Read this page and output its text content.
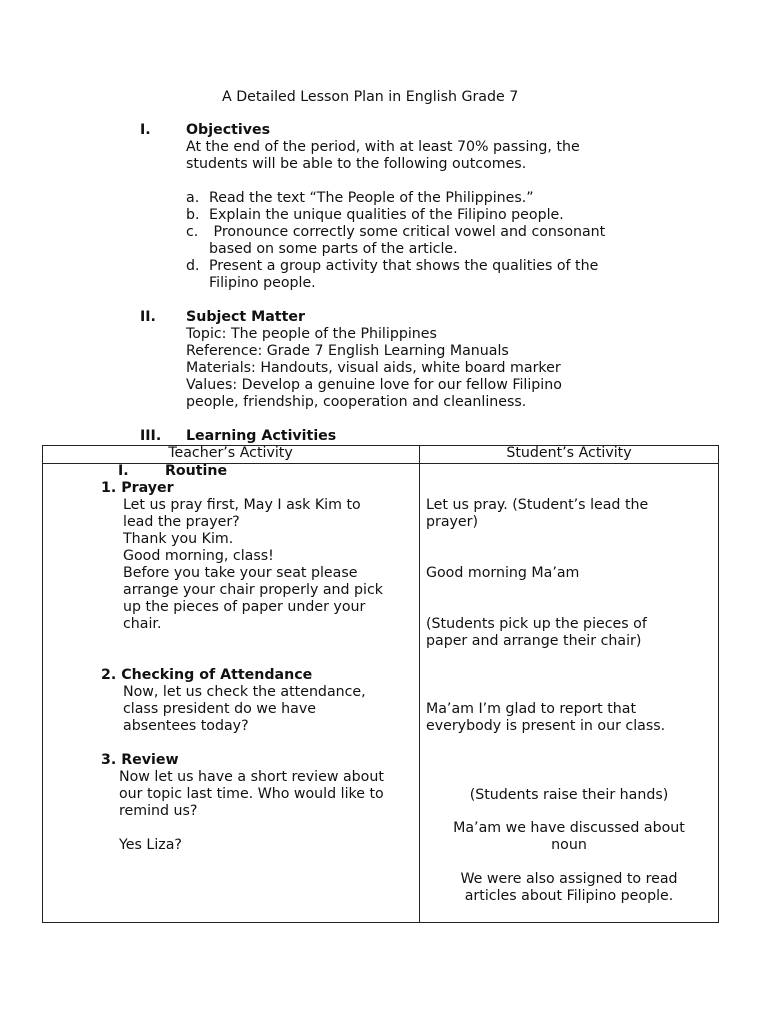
A Detailed Lesson Plan in English Grade 7
I. Objectives
At the end of the period, with at least 70% passing, the
students will be able to the following outcomes.
a. Read the text “The People of the Philippines.”
b. Explain the unique qualities of the Filipino people.
c. Pronounce correctly some critical vowel and consonant
based on some parts of the article.
d. Present a group activity that shows the qualities of the
Filipino people.
II. Subject Matter
Topic: The people of the Philippines
Reference: Grade 7 English Learning Manuals
Materials: Handouts, visual aids, white board marker
Values: Develop a genuine love for our fellow Filipino
people, friendship, cooperation and cleanliness.
III. Learning Activities
Teacher’s Activity	Student’s Activity
I.	Routine
1. Prayer
Let us pray first, May I ask Kim to
lead the prayer?
Thank you Kim.
Good morning, class!
Before you take your seat please
arrange your chair properly and pick
up the pieces of paper under your
chair.
Let us pray. (Student’s lead the
prayer)
Good morning Ma’am
(Students pick up the pieces of
paper and arrange their chair)
2. Checking of Attendance
Now, let us check the attendance,
class president do we have
absentees today?
Ma’am I’m glad to report that
everybody is present in our class.
3. Review
Now let us have a short review about
our topic last time. Who would like to
remind us?
Yes Liza?
(Students raise their hands)
Ma’am we have discussed about
noun
We were also assigned to read
articles about Filipino people.
